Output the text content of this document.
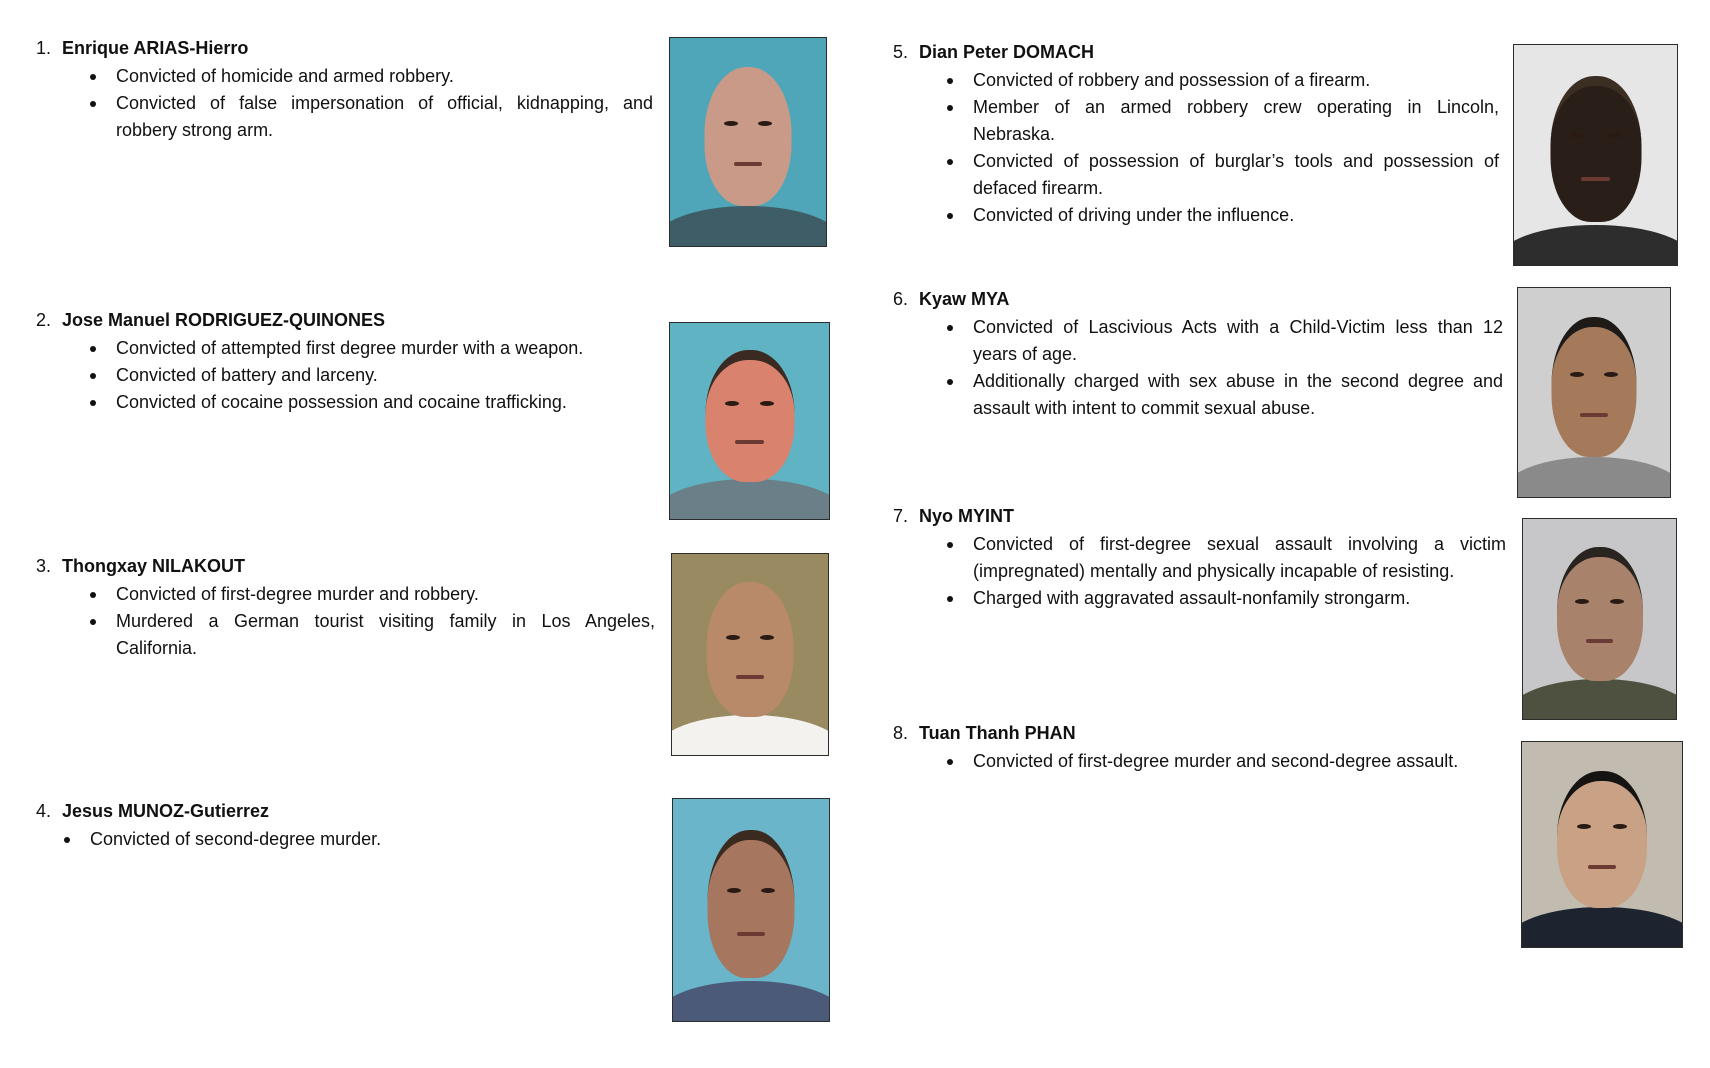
1. Enrique ARIAS-Hierro
Convicted of homicide and armed robbery.
Convicted of false impersonation of official, kidnapping, and robbery strong arm.
2. Jose Manuel RODRIGUEZ-QUINONES
Convicted of attempted first degree murder with a weapon.
Convicted of battery and larceny.
Convicted of cocaine possession and cocaine trafficking.
3. Thongxay NILAKOUT
Convicted of first-degree murder and robbery.
Murdered a German tourist visiting family in Los Angeles, California.
4. Jesus MUNOZ-Gutierrez
Convicted of second-degree murder.
5. Dian Peter DOMACH
Convicted of robbery and possession of a firearm.
Member of an armed robbery crew operating in Lincoln, Nebraska.
Convicted of possession of burglar’s tools and possession of defaced firearm.
Convicted of driving under the influence.
6. Kyaw MYA
Convicted of Lascivious Acts with a Child-Victim less than 12 years of age.
Additionally charged with sex abuse in the second degree and assault with intent to commit sexual abuse.
7. Nyo MYINT
Convicted of first-degree sexual assault involving a victim (impregnated) mentally and physically incapable of resisting.
Charged with aggravated assault-nonfamily strongarm.
8. Tuan Thanh PHAN
Convicted of first-degree murder and second-degree assault.
